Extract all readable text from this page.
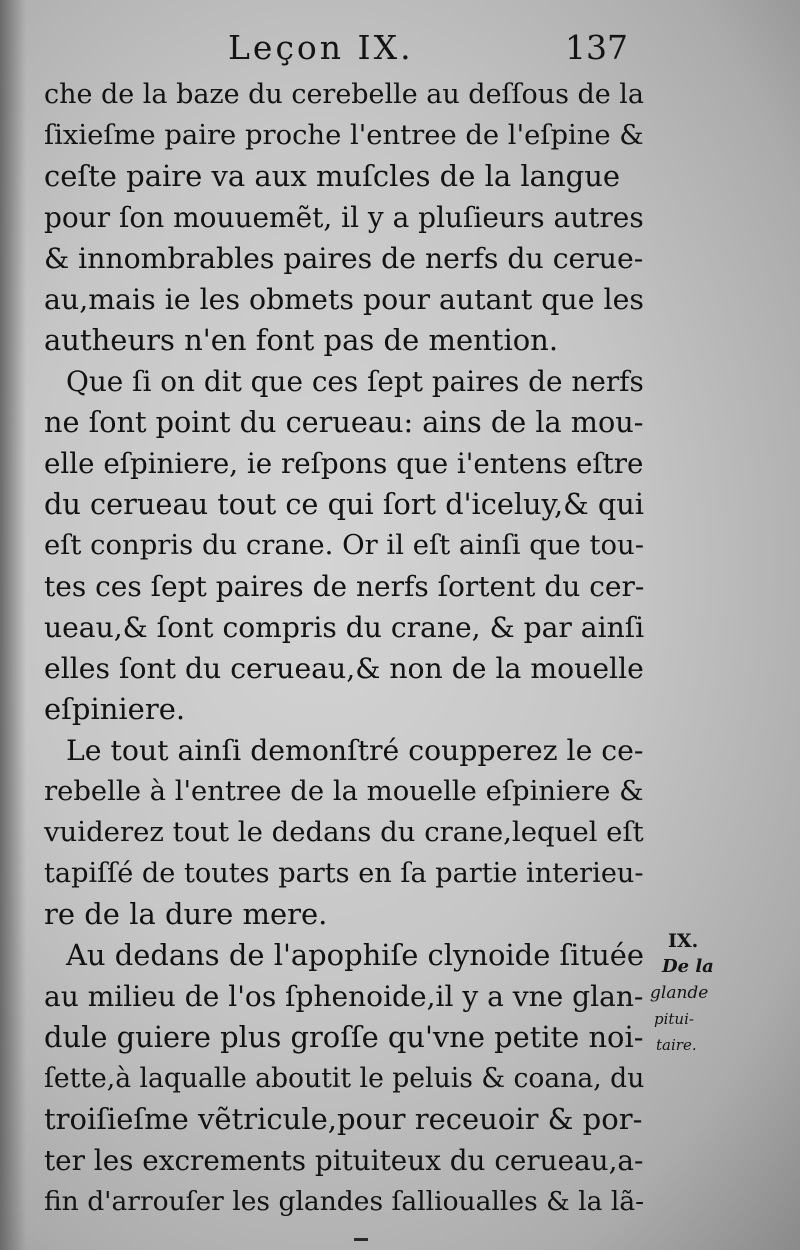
Leçon IX.	137
che de la baze du cerebelle au deſſous de la
ſixieſme paire proche l'entree de l'eſpine &
ceſte paire va aux muſcles de la langue
pour ſon mouuemẽt, il y a pluſieurs autres
& innombrables paires de nerfs du cerue-
au,mais ie les obmets pour autant que les
autheurs n'en font pas de mention.
Que ſi on dit que ces ſept paires de nerfs
ne ſont point du cerueau: ains de la mou-
elle eſpiniere, ie reſpons que i'entens eſtre
du cerueau tout ce qui ſort d'iceluy,& qui
eſt conpris du crane. Or il eſt ainſi que tou-
tes ces ſept paires de nerfs ſortent du cer-
ueau,& ſont compris du crane, & par ainſi
elles ſont du cerueau,& non de la mouelle
eſpiniere.
Le tout ainſi demonſtré coupperez le ce-
rebelle à l'entree de la mouelle eſpiniere &
vuiderez tout le dedans du crane,lequel eſt
tapiſſé de toutes parts en ſa partie interieu-
re de la dure mere.
Au dedans de l'apophiſe clynoide ſituée
au milieu de l'os ſphenoide,il y a vne glan-
dule guiere plus groſſe qu'vne petite noi-
ſette,à laqualle aboutit le peluis & coana, du
troiſieſme vẽtricule,pour receuoir & por-
ter les excrements pituiteux du cerueau,a-
fin d'arrouſer les glandes ſallioualles & la lã-
IX.
De la
glande
pitui-
taire.
